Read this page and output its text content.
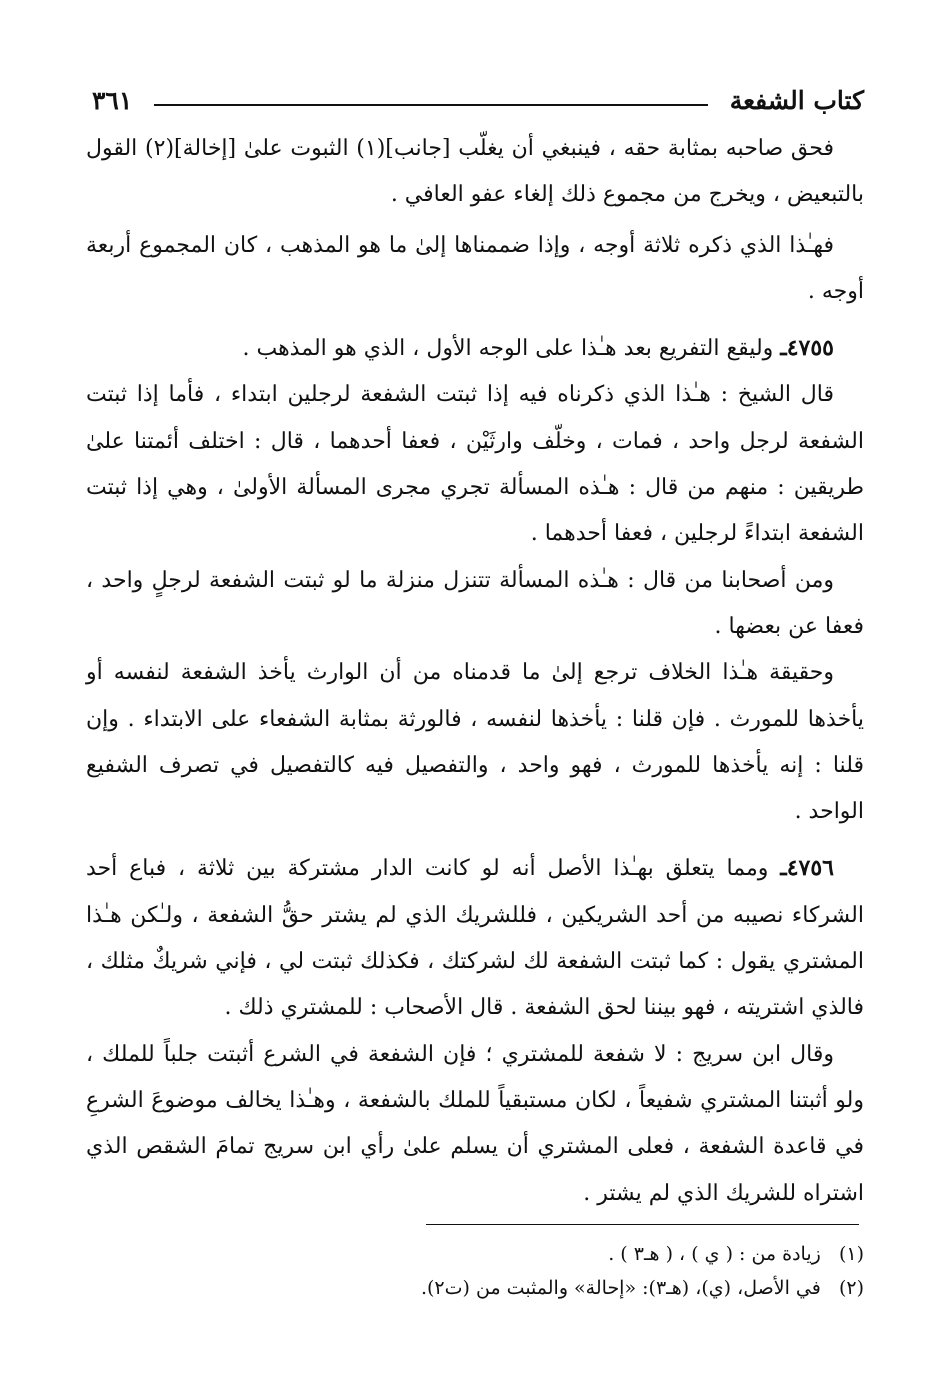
كتاب الشفعة
٣٦١

فحق صاحبه بمثابة حقه ، فينبغي أن يغلّب [جانب](١) الثبوت علىٰ [إخالة](٢) القول بالتبعيض ، ويخرج من مجموع ذلك إلغاء عفو العافي .

فهـٰذا الذي ذكره ثلاثة أوجه ، وإذا ضممناها إلىٰ ما هو المذهب ، كان المجموع أربعة أوجه .

٤٧٥٥ـ وليقع التفريع بعد هـٰذا على الوجه الأول ، الذي هو المذهب .

قال الشيخ : هـٰذا الذي ذكرناه فيه إذا ثبتت الشفعة لرجلين ابتداء ، فأما إذا ثبتت الشفعة لرجل واحد ، فمات ، وخلّف وارثَيْن ، فعفا أحدهما ، قال : اختلف أئمتنا علىٰ طريقين : منهم من قال : هـٰذه المسألة تجري مجرى المسألة الأولىٰ ، وهي إذا ثبتت الشفعة ابتداءً لرجلين ، فعفا أحدهما .

ومن أصحابنا من قال : هـٰذه المسألة تتنزل منزلة ما لو ثبتت الشفعة لرجلٍ واحد ، فعفا عن بعضها .

وحقيقة هـٰذا الخلاف ترجع إلىٰ ما قدمناه من أن الوارث يأخذ الشفعة لنفسه أو يأخذها للمورث . فإن قلنا : يأخذها لنفسه ، فالورثة بمثابة الشفعاء على الابتداء . وإن قلنا : إنه يأخذها للمورث ، فهو واحد ، والتفصيل فيه كالتفصيل في تصرف الشفيع الواحد .

٤٧٥٦ـ ومما يتعلق بهـٰذا الأصل أنه لو كانت الدار مشتركة بين ثلاثة ، فباع أحد الشركاء نصيبه من أحد الشريكين ، فللشريك الذي لم يشتر حقُّ الشفعة ، ولـٰكن هـٰذا المشتري يقول : كما ثبتت الشفعة لك لشركتك ، فكذلك ثبتت لي ، فإني شريكٌ مثلك ، فالذي اشتريته ، فهو بيننا لحق الشفعة . قال الأصحاب : للمشتري ذلك .

وقال ابن سريج : لا شفعة للمشتري ؛ فإن الشفعة في الشرع أثبتت جلباً للملك ، ولو أثبتنا المشتري شفيعاً ، لكان مستبقياً للملك بالشفعة ، وهـٰذا يخالف موضوعَ الشرعِ في قاعدة الشفعة ، فعلى المشتري أن يسلم علىٰ رأي ابن سريج تمامَ الشقص الذي اشتراه للشريك الذي لم يشتر .

(١)   زيادة من : ( ي ) ، ( هـ٣ ) .
(٢)   في الأصل، (ي)، (هـ٣): «إحالة» والمثبت من (ت٢).
